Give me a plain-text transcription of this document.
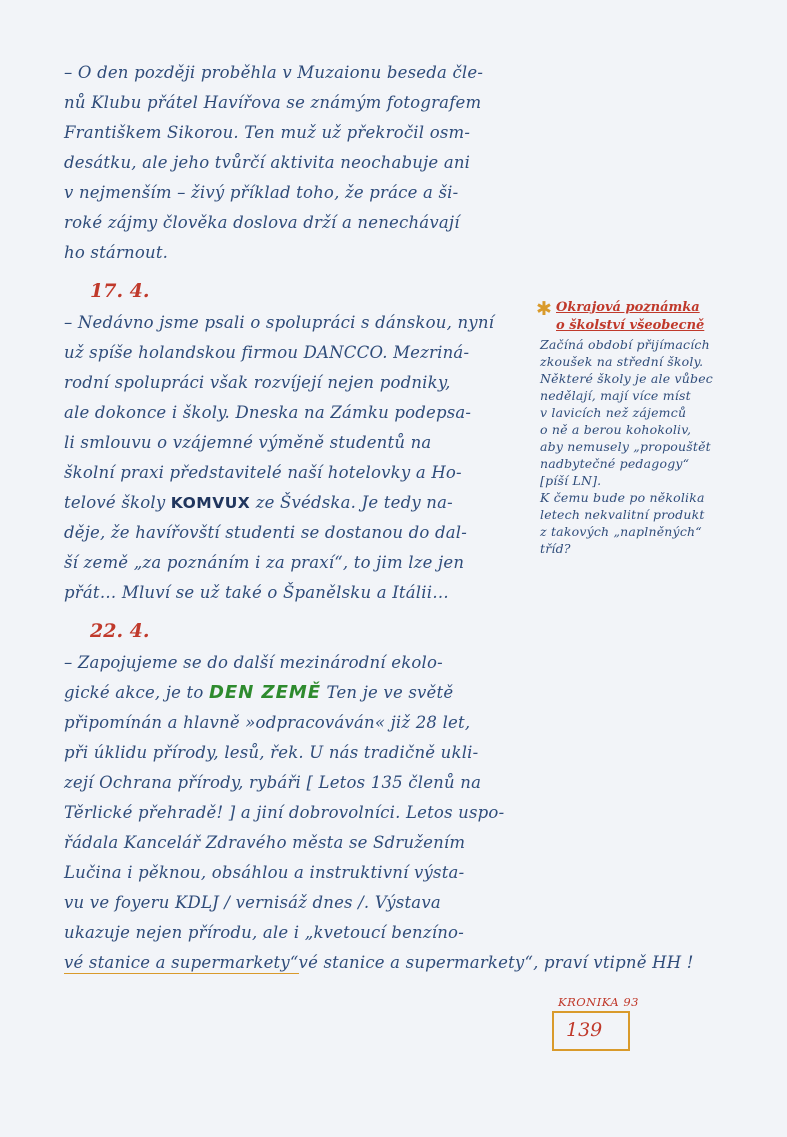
– O den později proběhla v Muzaionu beseda čle-
nů Klubu přátel Havířova se známým fotografem
Františkem Sikorou. Ten muž už překročil osm-
desátku, ale jeho tvůrčí aktivita neochabuje ani
v nejmenším – živý příklad toho, že práce a ši-
roké zájmy člověka doslova drží a nenechávají
ho stárnout.
17. 4.
– Nedávno jsme psali o spolupráci s dánskou, nyní
už spíše holandskou firmou DANCCO. Mezriná-
rodní spolupráci však rozvíjejí nejen podniky,
ale dokonce i školy. Dneska na Zámku podepsa-
li smlouvu o vzájemné výměně studentů na
školní praxi představitelé naší hotelovky a Ho-
telové školy KOMVUX ze Švédska. Je tedy na-
děje, že havířovští studenti se dostanou do dal-
ší země „za poznáním i za praxí“, to jim lze jen
přát… Mluví se už také o Španělsku a Itálii…
22. 4.
– Zapojujeme se do další mezinárodní ekolo-
gické akce, je to DEN ZEMĚ Ten je ve světě
připomínán a hlavně »odpracováván« již 28 let,
při úklidu přírody, lesů, řek. U nás tradičně ukli-
zejí Ochrana přírody, rybáři [ Letos 135 členů na
Těrlické přehradě! ] a jiní dobrovolníci. Letos uspo-
řádala Kancelář Zdravého města se Sdružením
Lučina i pěknou, obsáhlou a instruktivní výsta-
vu ve foyeru KDLJ / vernisáž dnes /. Výstava
ukazuje nejen přírodu, ale i „kvetoucí benzíno-
vé stanice a supermarkety“vé stanice a supermarkety“, praví vtipně HH !
✱ Okrajová poznámka
o školství všeobecně
Začíná období přijímacích
zkoušek na střední školy.
Některé školy je ale vůbec
nedělají, mají více míst
v lavicích než zájemců
o ně a berou kohokoliv,
aby nemusely „propouštět
nadbytečné pedagogy“
[píší LN].
K čemu bude po několika
letech nekvalitní produkt
z takových „naplněných“
tříd?
KRONIKA 93
139
